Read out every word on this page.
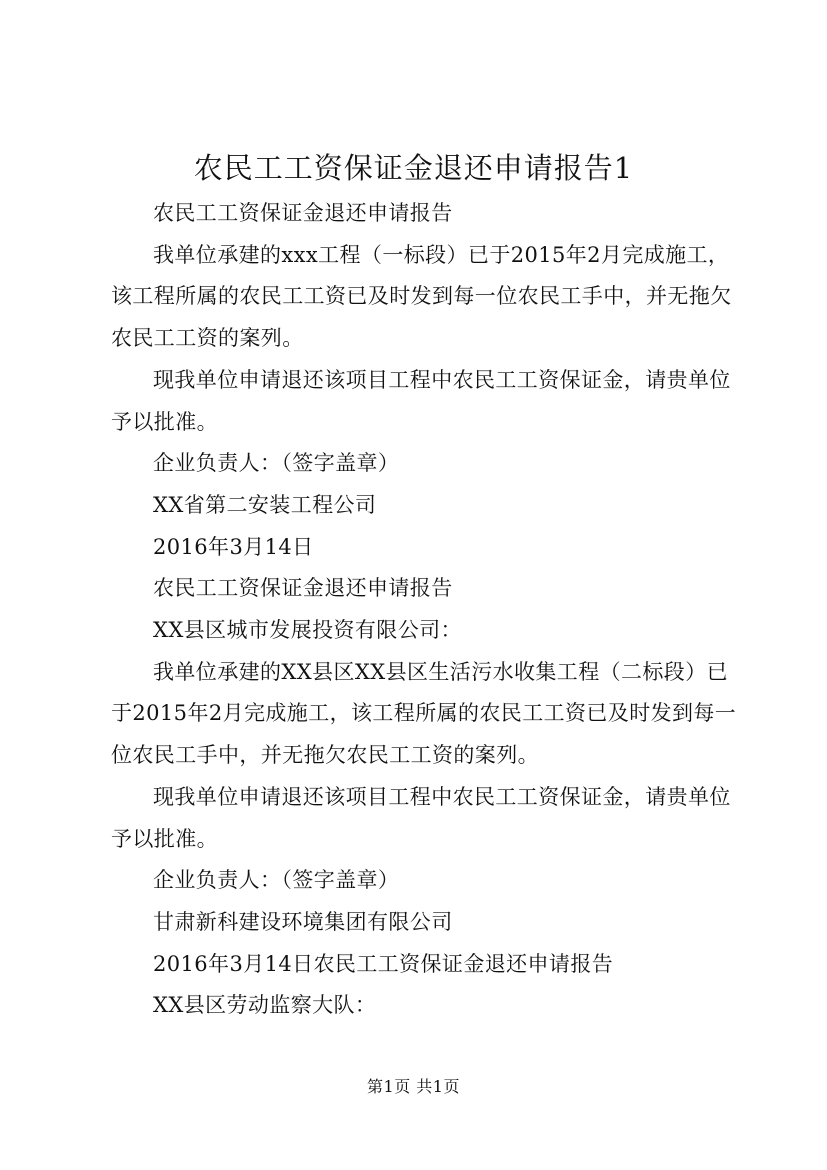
农民工工资保证金退还申请报告1

农民工工资保证金退还申请报告

我单位承建的xxx工程（一标段）已于2015年2月完成施工，该工程所属的农民工工资已及时发到每一位农民工手中，并无拖欠农民工工资的案列。

现我单位申请退还该项目工程中农民工工资保证金，请贵单位予以批准。

企业负责人：（签字盖章）

XX省第二安装工程公司

2016年3月14日

农民工工资保证金退还申请报告

XX县区城市发展投资有限公司：

我单位承建的XX县区XX县区生活污水收集工程（二标段）已于2015年2月完成施工，该工程所属的农民工工资已及时发到每一位农民工手中，并无拖欠农民工工资的案列。

现我单位申请退还该项目工程中农民工工资保证金，请贵单位予以批准。

企业负责人：（签字盖章）

甘肃新科建设环境集团有限公司

2016年3月14日农民工工资保证金退还申请报告

XX县区劳动监察大队：

第1页 共1页
